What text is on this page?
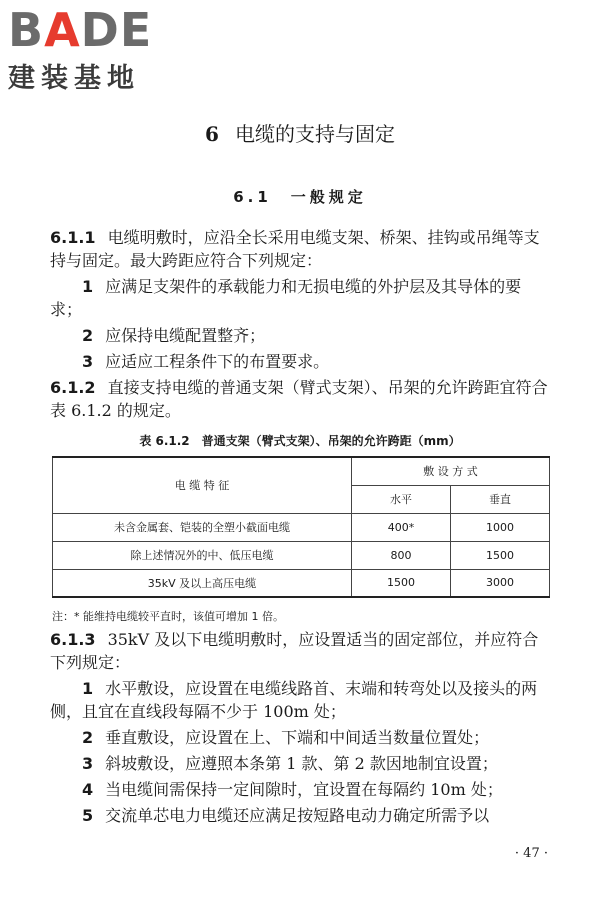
BADE
建装基地
6 电缆的支持与固定
6.1　 一般规定

6.1.1 电缆明敷时，应沿全长采用电缆支架、桥架、挂钩或吊绳等支持与固定。最大跨距应符合下列规定：

1 应满足支架件的承载能力和无损电缆的外护层及其导体的要求；

2 应保持电缆配置整齐；

3 应适应工程条件下的布置要求。

6.1.2 直接支持电缆的普通支架（臂式支架）、吊架的允许跨距宜符合表 6.1.2 的规定。

表 6.1.2　普通支架（臂式支架）、吊架的允许跨距（mm）
电 缆 特 征	敷 设 方 式	
	水平	垂直
未含金属套、铠装的全塑小截面电缆	400*	1000
除上述情况外的中、低压电缆	800	1500
35kV 及以上高压电缆	1500	3000
注：* 能维持电缆较平直时，该值可增加 1 倍。

6.1.3 35kV 及以下电缆明敷时，应设置适当的固定部位，并应符合下列规定：

1 水平敷设，应设置在电缆线路首、末端和转弯处以及接头的两侧，且宜在直线段每隔不少于 100m 处；

2 垂直敷设，应设置在上、下端和中间适当数量位置处；

3 斜坡敷设，应遵照本条第 1 款、第 2 款因地制宜设置；

4 当电缆间需保持一定间隙时，宜设置在每隔约 10m 处；

5 交流单芯电力电缆还应满足按短路电动力确定所需予以

· 47 ·
